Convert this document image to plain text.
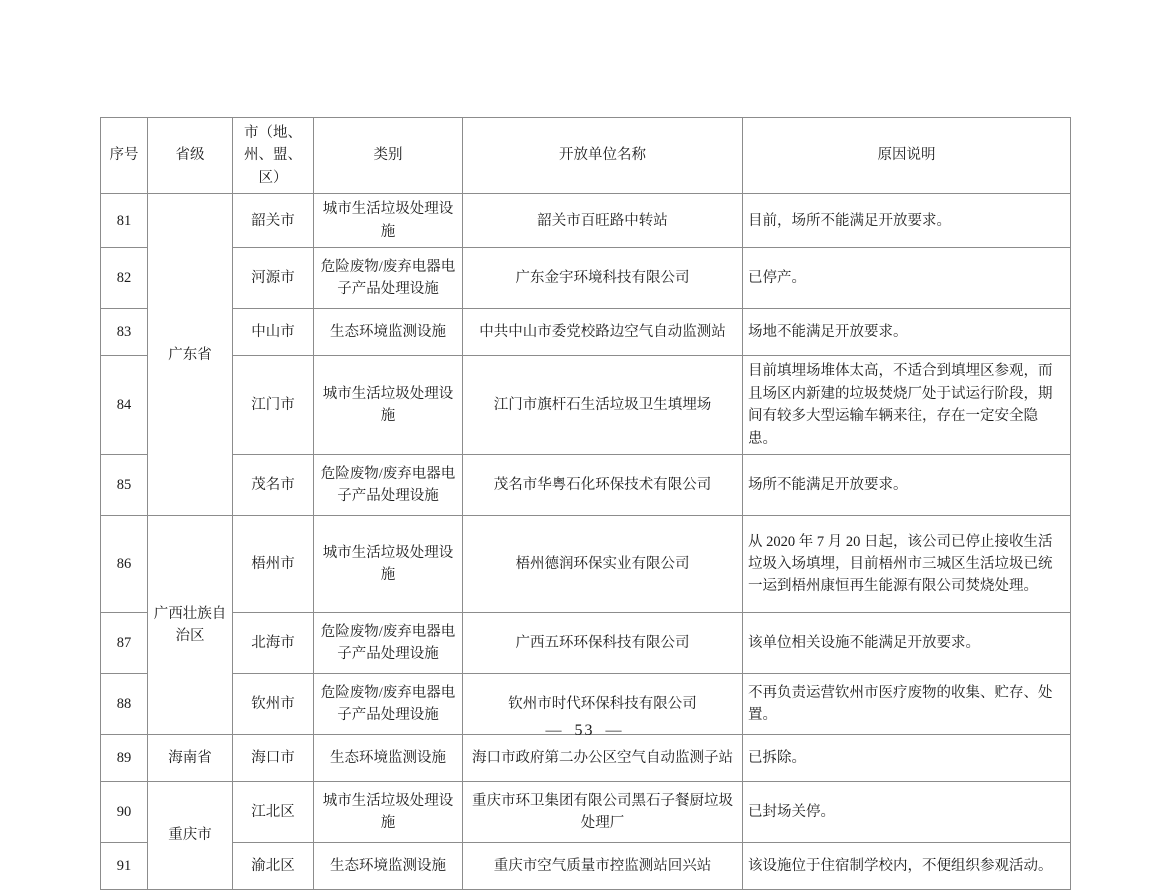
序号	省级	市（地、州、盟、区）	类别	开放单位名称	原因说明
81	广东省	韶关市	城市生活垃圾处理设施	韶关市百旺路中转站	目前，场所不能满足开放要求。
82		河源市	危险废物/废弃电器电子产品处理设施	广东金宇环境科技有限公司	已停产。
83		中山市	生态环境监测设施	中共中山市委党校路边空气自动监测站	场地不能满足开放要求。
84		江门市	城市生活垃圾处理设施	江门市旗杆石生活垃圾卫生填埋场	目前填埋场堆体太高，不适合到填埋区参观，而且场区内新建的垃圾焚烧厂处于试运行阶段，期间有较多大型运输车辆来往，存在一定安全隐患。
85		茂名市	危险废物/废弃电器电子产品处理设施	茂名市华粤石化环保技术有限公司	场所不能满足开放要求。
86	广西壮族自治区	梧州市	城市生活垃圾处理设施	梧州德润环保实业有限公司	从 2020 年 7 月 20 日起，该公司已停止接收生活垃圾入场填埋，目前梧州市三城区生活垃圾已统一运到梧州康恒再生能源有限公司焚烧处理。
87		北海市	危险废物/废弃电器电子产品处理设施	广西五环环保科技有限公司	该单位相关设施不能满足开放要求。
88		钦州市	危险废物/废弃电器电子产品处理设施	钦州市时代环保科技有限公司	不再负责运营钦州市医疗废物的收集、贮存、处置。
89	海南省	海口市	生态环境监测设施	海口市政府第二办公区空气自动监测子站	已拆除。
90	重庆市	江北区	城市生活垃圾处理设施	重庆市环卫集团有限公司黑石子餐厨垃圾处理厂	已封场关停。
91		渝北区	生态环境监测设施	重庆市空气质量市控监测站回兴站	该设施位于住宿制学校内，不便组织参观活动。
— 53 —
